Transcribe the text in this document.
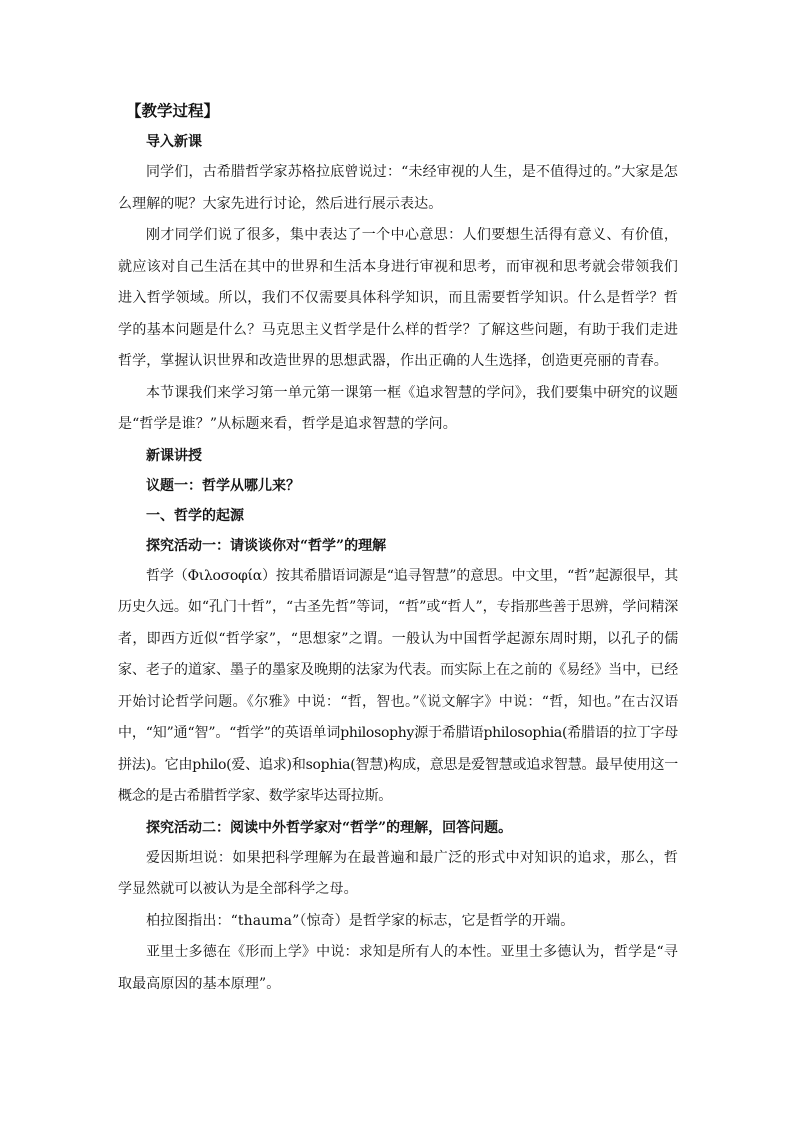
【教学过程】

导入新课

同学们，古希腊哲学家苏格拉底曾说过：“未经审视的人生，是不值得过的。”大家是怎么理解的呢？大家先进行讨论，然后进行展示表达。

刚才同学们说了很多，集中表达了一个中心意思：人们要想生活得有意义、有价值，就应该对自己生活在其中的世界和生活本身进行审视和思考，而审视和思考就会带领我们进入哲学领域。所以，我们不仅需要具体科学知识，而且需要哲学知识。什么是哲学？哲学的基本问题是什么？马克思主义哲学是什么样的哲学？了解这些问题，有助于我们走进哲学，掌握认识世界和改造世界的思想武器，作出正确的人生选择，创造更亮丽的青春。

本节课我们来学习第一单元第一课第一框《追求智慧的学问》，我们要集中研究的议题是“哲学是谁？”从标题来看，哲学是追求智慧的学问。

新课讲授

议题一：哲学从哪儿来？

一、哲学的起源

探究活动一：请谈谈你对“哲学”的理解

哲学（Φιλοσοφία）按其希腊语词源是“追寻智慧”的意思。中文里，“哲”起源很早，其历史久远。如“孔门十哲”，“古圣先哲”等词，“哲”或“哲人”，专指那些善于思辨，学问精深者，即西方近似“哲学家”，“思想家”之谓。一般认为中国哲学起源东周时期，以孔子的儒家、老子的道家、墨子的墨家及晚期的法家为代表。而实际上在之前的《易经》当中，已经开始讨论哲学问题。《尔雅》中说：“哲，智也。”《说文解字》中说：“哲，知也。”在古汉语中，“知”通“智”。“哲学”的英语单词philosophy源于希腊语philosophia(希腊语的拉丁字母拼法)。它由philo(爱、追求)和sophia(智慧)构成，意思是爱智慧或追求智慧。最早使用这一概念的是古希腊哲学家、数学家毕达哥拉斯。

探究活动二：阅读中外哲学家对“哲学”的理解，回答问题。

爱因斯坦说：如果把科学理解为在最普遍和最广泛的形式中对知识的追求，那么，哲学显然就可以被认为是全部科学之母。

柏拉图指出：“thauma”（惊奇）是哲学家的标志，它是哲学的开端。

亚里士多德在《形而上学》中说：求知是所有人的本性。亚里士多德认为，哲学是“寻取最高原因的基本原理”。
